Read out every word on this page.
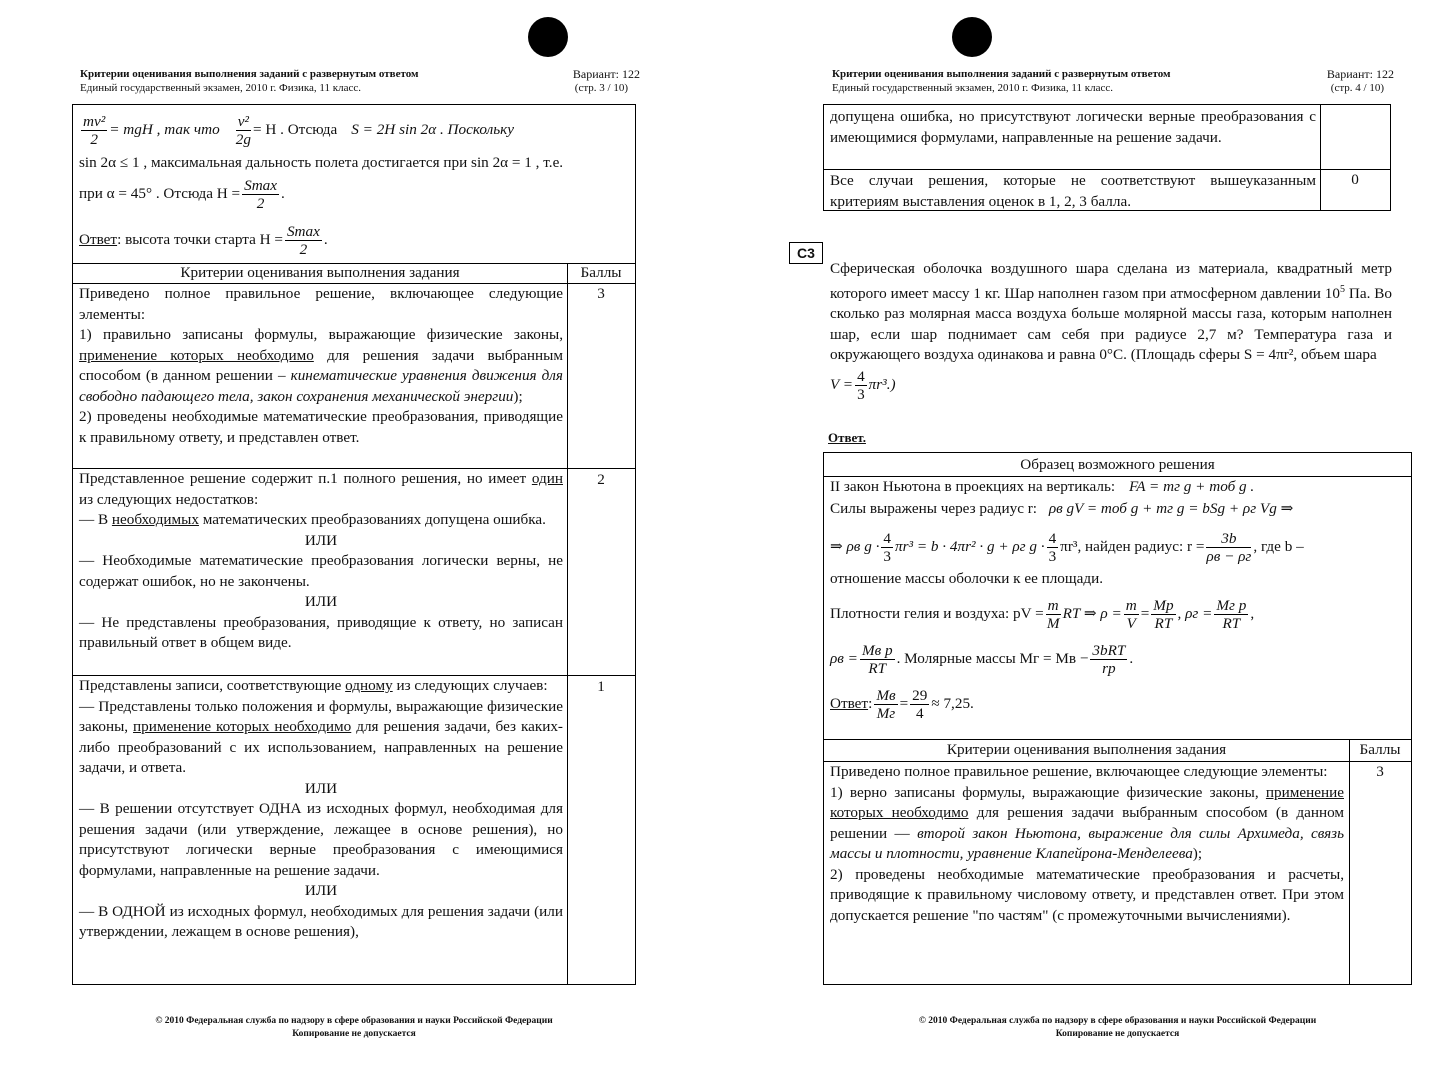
Критерии оценивания выполнения заданий с развернутым ответом
Единый государственный экзамен, 2010 г. Физика, 11 класс.
Вариант: 122
(стр. 3 / 10)
$\frac{\text{mv²}}{2}$ = mgH , так что $\frac{\text{v²}}{2g} = H$ . Отсюда S = 2H sin 2α . Поскольку
sin 2α ≤ 1 , максимальная дальность полета достигается при sin 2α = 1 , т.е.
при α = 45° . Отсюда $H = \frac{Smax}{2}$ .
Ответ : высота точки старта $H = \frac{Smax}{2}$ .
Критерии оценивания выполнения задания	Баллы
Приведено полное правильное решение, включающее следующие элементы:
1) правильно записаны формулы, выражающие физические законы, применение которых необходимо для решения задачи выбранным способом (в данном решении – кинематические уравнения движения для свободно падающего тела, закон сохранения механической энергии);
2) проведены необходимые математические преобразования, приводящие к правильному ответу, и представлен ответ.
3
Представленное решение содержит п.1 полного решения, но имеет один из следующих недостатков:
— В необходимых математических преобразованиях допущена ошибка.
ИЛИ
— Необходимые математические преобразования логически верны, не содержат ошибок, но не закончены.
ИЛИ
— Не представлены преобразования, приводящие к ответу, но записан правильный ответ в общем виде.
2
Представлены записи, соответствующие одному из следующих случаев:
— Представлены только положения и формулы, выражающие физические законы, применение которых необходимо для решения задачи, без каких-либо преобразований с их использованием, направленных на решение задачи, и ответа.
ИЛИ
— В решении отсутствует ОДНА из исходных формул, необходимая для решения задачи (или утверждение, лежащее в основе решения), но присутствуют логически верные преобразования с имеющимися формулами, направленные на решение задачи.
ИЛИ
— В ОДНОЙ из исходных формул, необходимых для решения задачи (или утверждении, лежащем в основе решения),
1
© 2010 Федеральная служба по надзору в сфере образования и науки Российской Федерации
Копирование не допускается
Критерии оценивания выполнения заданий с развернутым ответом
Единый государственный экзамен, 2010 г. Физика, 11 класс.
Вариант: 122
(стр. 4 / 10)
допущена ошибка, но присутствуют логически верные преобразования с имеющимися формулами, направленные на решение задачи.
Все случаи решения, которые не соответствуют вышеуказанным критериям выставления оценок в 1, 2, 3 балла.
0
С3
Сферическая оболочка воздушного шара сделана из материала, квадратный метр которого имеет массу 1 кг. Шар наполнен газом при атмосферном давлении $10^5$ Па. Во сколько раз молярная масса воздуха больше молярной массы газа, которым наполнен шар, если шар поднимает сам себя при радиусе 2,7 м? Температура газа и окружающего воздуха одинакова и равна 0°С. (Площадь сферы S = 4πr², объем шара
$V = \frac{4}{3} \pi r^3$.)
Ответ.
Образец возможного решения
II закон Ньютона в проекциях на вертикаль: FA = mг g + mоб g .
Силы выражены через радиус r: ρв gV = mоб g + mг g = bSg + ρг Vg ⇒
⇒ ρв $g \cdot \frac{4}{3} \pi r^3 = b \cdot 4\pi r^2 \cdot g + \rho г$ $g \cdot \frac{4}{3} \pi r^3$, найден радиус: $r = \frac{3b}{\rho в - \rho г}$ , где b –
отношение массы оболочки к ее площади.
Плотности гелия и воздуха: pV = $\frac{m}{M}$ RT ⇒ $\rho = \frac{m}{V} = \frac{Mp}{RT}$ , $\rho г = \frac{\text{Mг p}}{RT}$ ,
$\rho в = \frac{\text{Mв p}}{RT}$ . Молярные массы Mг = Mв − $\frac{\text{3bRT}}{rp}$ .
Ответ : $\frac{Mв}{Mг} = \frac{29}{4} \approx 7,25$.
Критерии оценивания выполнения задания	Баллы
Приведено полное правильное решение, включающее следующие элементы:
1) верно записаны формулы, выражающие физические законы, применение которых необходимо для решения задачи выбранным способом (в данном решении — второй закон Ньютона, выражение для силы Архимеда, связь массы и плотности, уравнение Клапейрона-Менделеева);
2) проведены необходимые математические преобразования и расчеты, приводящие к правильному числовому ответу, и представлен ответ. При этом допускается решение "по частям" (с промежуточными вычислениями).
3
© 2010 Федеральная служба по надзору в сфере образования и науки Российской Федерации
Копирование не допускается
